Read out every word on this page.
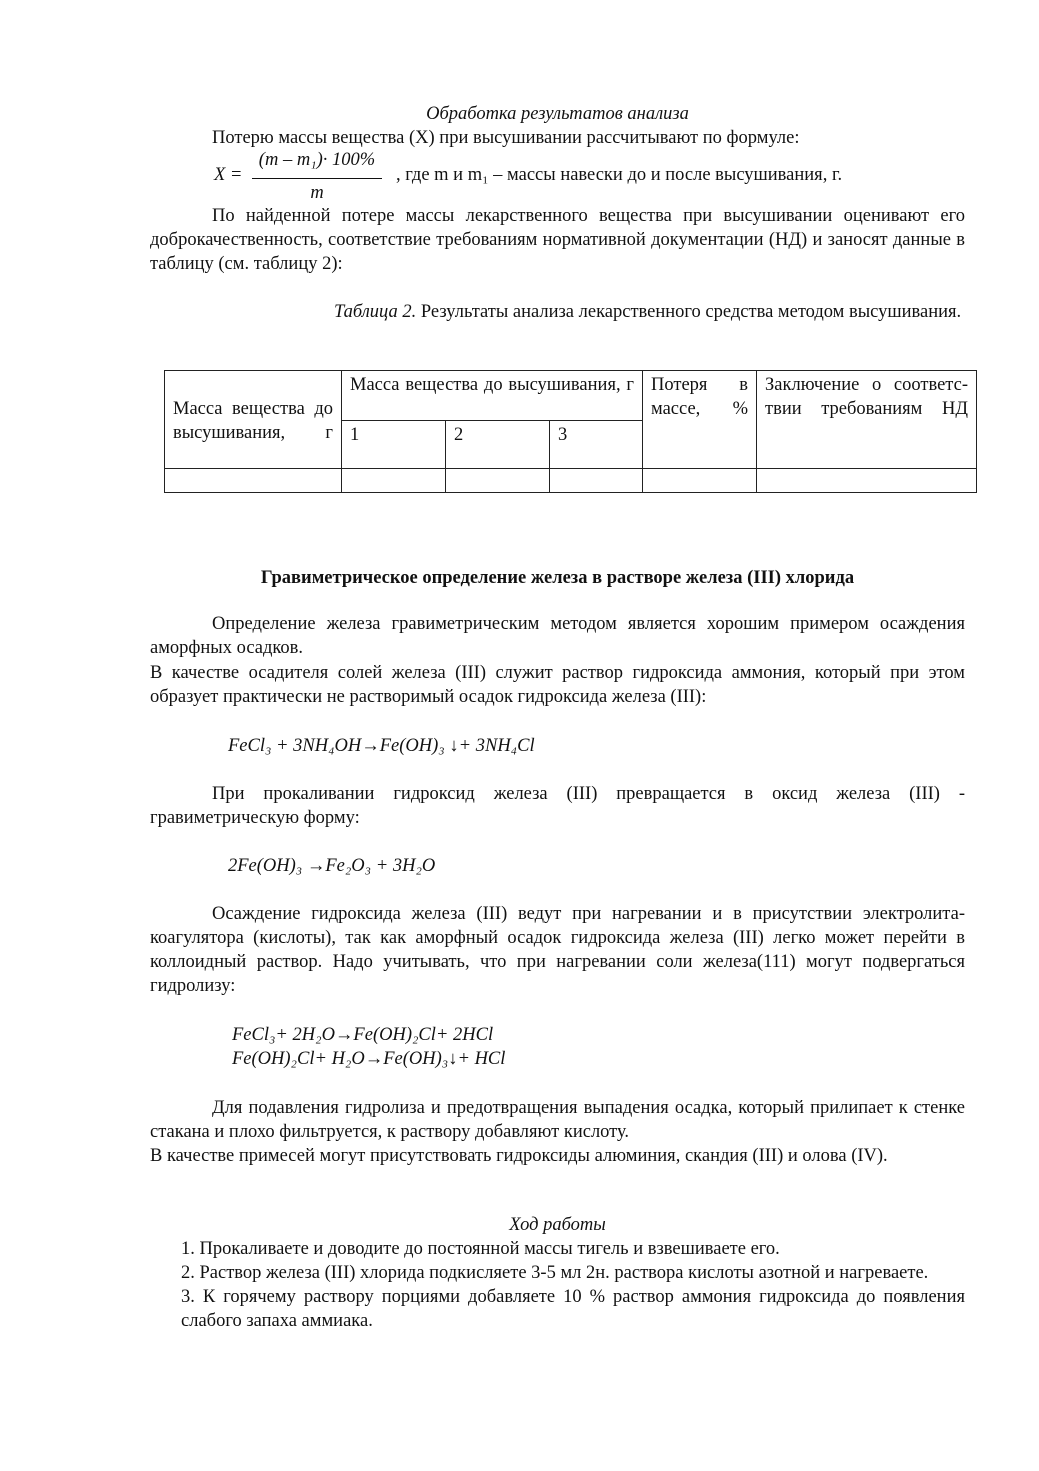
Обработка результатов анализа
Потерю массы вещества (X) при высушивании рассчитывают по формуле:
X =
(m – m₁)· 100%
m
, где m и m₁ – массы навески до и после высушивания, г.

По найденной потере массы лекарственного вещества при высушивании оценивают его доброкачественность, соответствие требованиям нормативной документации (НД) и заносят данные в таблицу (см. таблицу 2):

Таблица 2. Результаты анализа лекарственного средства методом высушивания.
Масса вещества до высушивания, г	Масса вещества до высушивания, г			Потеря в массе, %	Заключение о соответс-твии требованиям НД

	1	2	3		

Гравиметрическое определение железа в растворе железа (III) хлорида

Определение железа гравиметрическим методом является хорошим примером осаждения аморфных осадков.

В качестве осадителя солей железа (III) служит раствор гидроксида аммония, который при этом образует практически не растворимый осадок гидроксида железа (III):

FeCl₃ + 3NH₄OH→Fe(OH)₃ ↓+ 3NH₄Cl

При прокаливании гидроксид железа (III) превращается в оксид железа (III) - гравиметрическую форму:

2Fe(OH)₃ →Fe₂O₃ + 3H₂O

Осаждение гидроксида железа (III) ведут при нагревании и в присутствии электролита-коагулятора (кислоты), так как аморфный осадок гидроксида железа (III) легко может перейти в коллоидный раствор. Надо учитывать, что при нагревании соли железа(111) могут подвергаться гидролизу:

FeCl₃+ 2H₂O→Fe(OH)₂Cl+ 2HCl
Fe(OH)₂Cl+ H₂O→Fe(OH)₃↓+ HCl

Для подавления гидролиза и предотвращения выпадения осадка, который прилипает к стенке стакана и плохо фильтруется, к раствору добавляют кислоту.

В качестве примесей могут присутствовать гидроксиды алюминия, скандия (III) и олова (IV).

Ход работы
1. Прокаливаете и доводите до постоянной массы тигель и взвешиваете его.
2. Раствор железа (III) хлорида подкисляете 3-5 мл 2н. раствора кислоты азотной и нагреваете.
3. К горячему раствору порциями добавляете 10 % раствор аммония гидроксида до появления слабого запаха аммиака.
